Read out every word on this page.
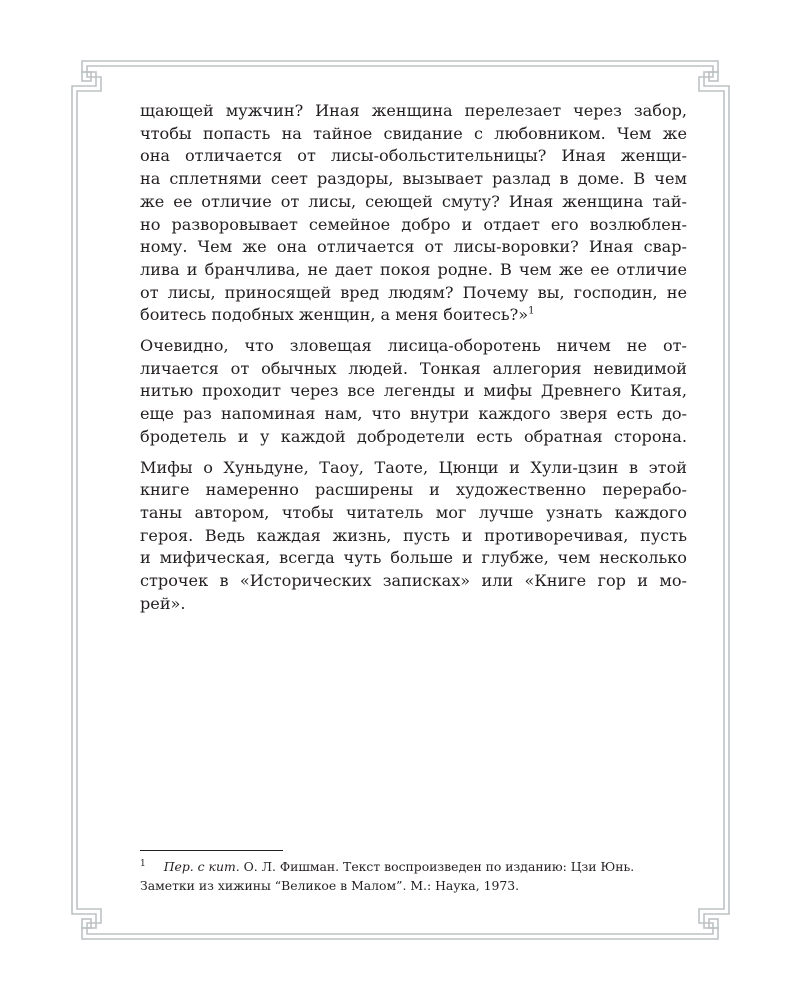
щающей мужчин? Иная женщина перелезает через забор,
чтобы попасть на тайное свидание с любовником. Чем же
она отличается от лисы-обольстительницы? Иная женщи-
на сплетнями сеет раздоры, вызывает разлад в доме. В чем
же ее отличие от лисы, сеющей смуту? Иная женщина тай-
но разворовывает семейное добро и отдает его возлюблен-
ному. Чем же она отличается от лисы-воровки? Иная свар-
лива и бранчлива, не дает покоя родне. В чем же ее отличие
от лисы, приносящей вред людям? Почему вы, господин, не
боитесь подобных женщин, а меня боитесь?»$^1$

Очевидно, что зловещая лисица-оборотень ничем не от-
личается от обычных людей. Тонкая аллегория невидимой
нитью проходит через все легенды и мифы Древнего Китая,
еще раз напоминая нам, что внутри каждого зверя есть до-
бродетель и у каждой добродетели есть обратная сторона.

Мифы о Хуньдуне, Таоу, Таоте, Цюнци и Хули-цзин в этой
книге намеренно расширены и художественно перерабо-
таны автором, чтобы читатель мог лучше узнать каждого
героя. Ведь каждая жизнь, пусть и противоречивая, пусть
и мифическая, всегда чуть больше и глубже, чем несколько
строчек в «Исторических записках» или «Книге гор и мо-
рей».

$^1$ Пер. с кит. О. Л. Фишман. Текст воспроизведен по изданию: Цзи Юнь.
Заметки из хижины “Великое в Малом”. М.: Наука, 1973.
